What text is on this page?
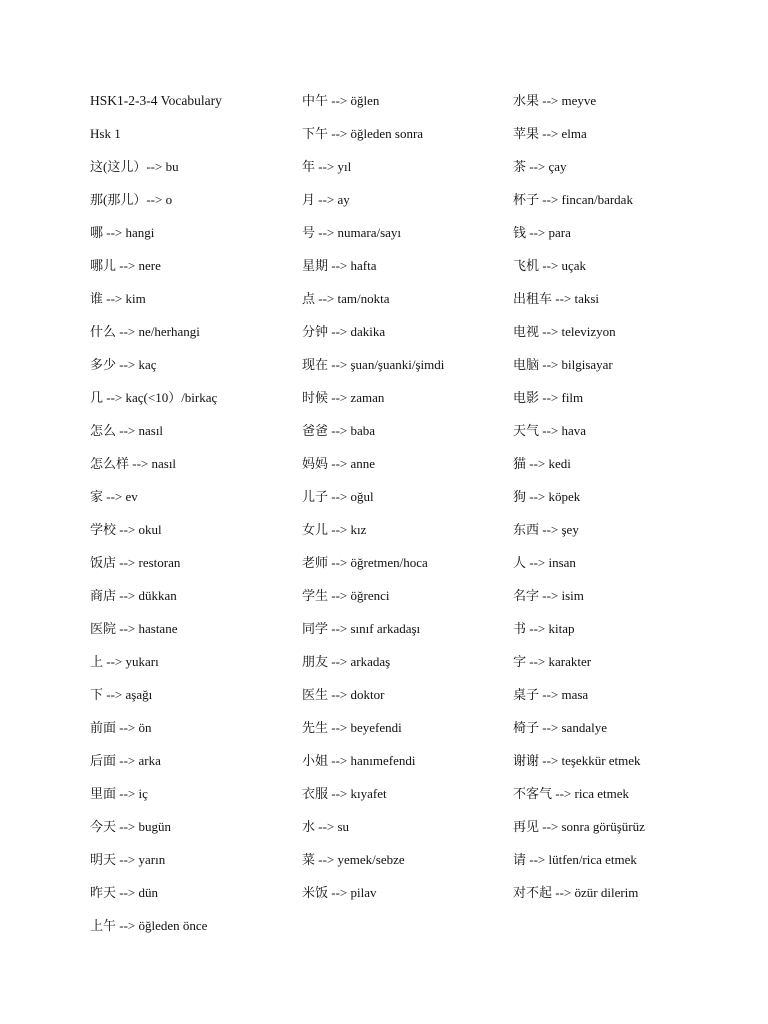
HSK1-2-3-4 Vocabulary
Hsk 1
这(这儿）--> bu
那(那儿）--> o
哪 --> hangi
哪儿 --> nere
谁 --> kim
什么 --> ne/herhangi
多少 --> kaç
几 --> kaç(<10）/birkaç
怎么 --> nasıl
怎么样 --> nasıl
家 --> ev
学校 --> okul
饭店 --> restoran
商店 --> dükkan
医院 --> hastane
上 --> yukarı
下 --> aşağı
前面 --> ön
后面 --> arka
里面 --> iç
今天 --> bugün
明天 --> yarın
昨天 --> dün
上午 --> öğleden önce
中午 --> öğlen
下午 --> öğleden sonra
年 --> yıl
月 --> ay
号 --> numara/sayı
星期 --> hafta
点 --> tam/nokta
分钟 --> dakika
现在 --> şuan/şuanki/şimdi
时候 --> zaman
爸爸 --> baba
妈妈 --> anne
儿子 --> oğul
女儿 --> kız
老师 --> öğretmen/hoca
学生 --> öğrenci
同学 --> sınıf arkadaşı
朋友 --> arkadaş
医生 --> doktor
先生 --> beyefendi
小姐 --> hanımefendi
衣服 --> kıyafet
水 --> su
菜 --> yemek/sebze
米饭 --> pilav
水果 --> meyve
苹果 --> elma
茶 --> çay
杯子 --> fincan/bardak
钱 --> para
飞机 --> uçak
出租车 --> taksi
电视 --> televizyon
电脑 --> bilgisayar
电影 --> film
天气 --> hava
猫 --> kedi
狗 --> köpek
东西 --> şey
人 --> insan
名字 --> isim
书 --> kitap
字 --> karakter
桌子 --> masa
椅子 --> sandalye
谢谢 --> teşekkür etmek
不客气 --> rica etmek
再见 --> sonra görüşürüz
请 --> lütfen/rica etmek
对不起 --> özür dilerim
